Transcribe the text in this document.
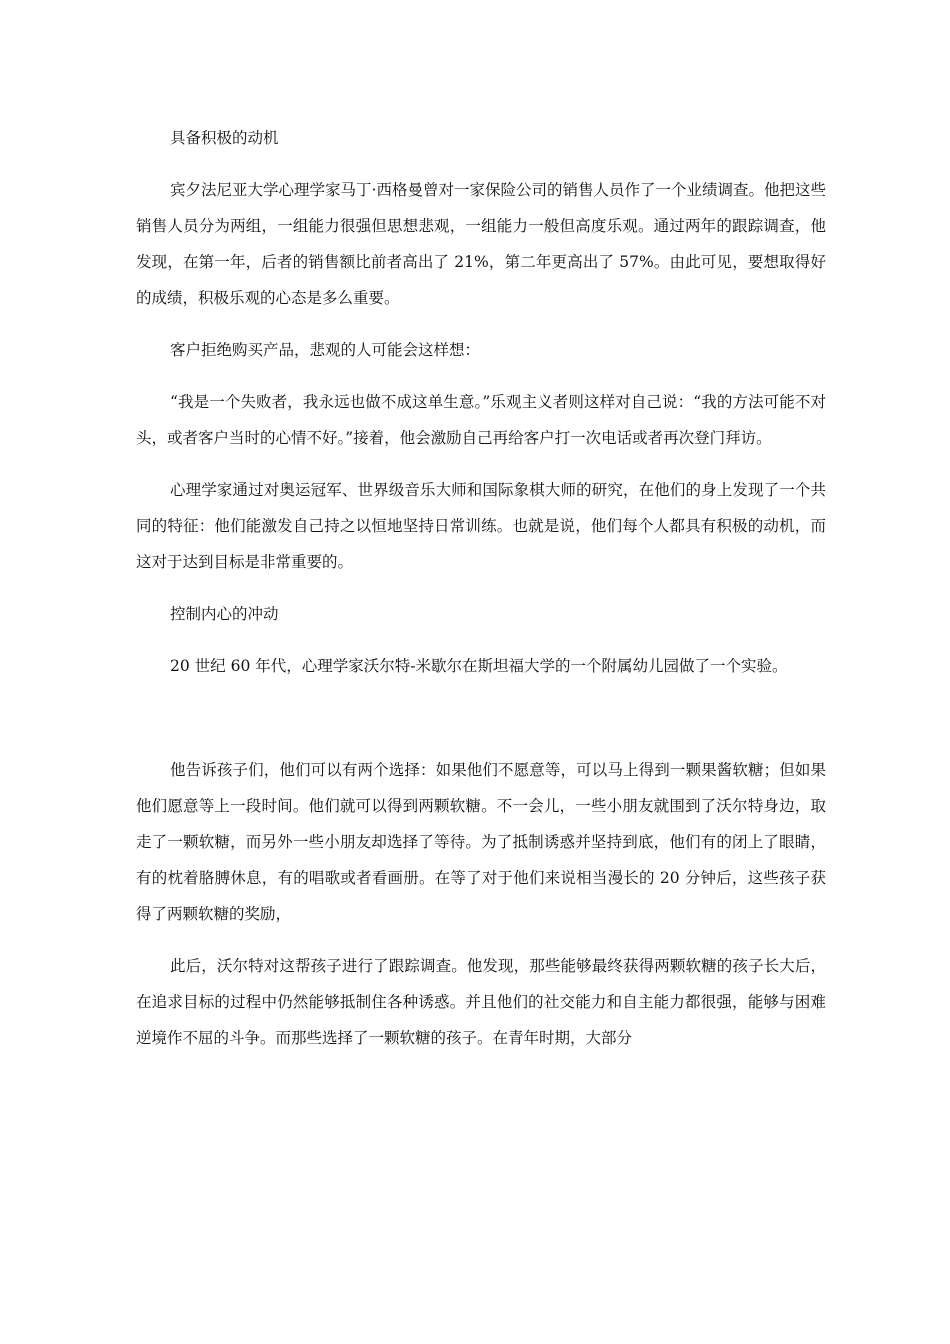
具备积极的动机

宾夕法尼亚大学心理学家马丁·西格曼曾对一家保险公司的销售人员作了一个业绩调查。他把这些销售人员分为两组，一组能力很强但思想悲观，一组能力一般但高度乐观。通过两年的跟踪调查，他发现，在第一年，后者的销售额比前者高出了 21%，第二年更高出了 57%。由此可见，要想取得好的成绩，积极乐观的心态是多么重要。

客户拒绝购买产品，悲观的人可能会这样想：

“我是一个失败者，我永远也做不成这单生意。”乐观主义者则这样对自己说：“我的方法可能不对头，或者客户当时的心情不好。”接着，他会激励自己再给客户打一次电话或者再次登门拜访。

心理学家通过对奥运冠军、世界级音乐大师和国际象棋大师的研究，在他们的身上发现了一个共同的特征：他们能激发自己持之以恒地坚持日常训练。也就是说，他们每个人都具有积极的动机，而这对于达到目标是非常重要的。

控制内心的冲动

20 世纪 60 年代，心理学家沃尔特-米歇尔在斯坦福大学的一个附属幼儿园做了一个实验。

他告诉孩子们，他们可以有两个选择：如果他们不愿意等，可以马上得到一颗果酱软糖；但如果他们愿意等上一段时间。他们就可以得到两颗软糖。不一会儿，一些小朋友就围到了沃尔特身边，取走了一颗软糖，而另外一些小朋友却选择了等待。为了抵制诱惑并坚持到底，他们有的闭上了眼睛，有的枕着胳膊休息，有的唱歌或者看画册。在等了对于他们来说相当漫长的 20 分钟后，这些孩子获得了两颗软糖的奖励，

此后，沃尔特对这帮孩子进行了跟踪调查。他发现，那些能够最终获得两颗软糖的孩子长大后，在追求目标的过程中仍然能够抵制住各种诱惑。并且他们的社交能力和自主能力都很强，能够与困难逆境作不屈的斗争。而那些选择了一颗软糖的孩子。在青年时期，大部分
